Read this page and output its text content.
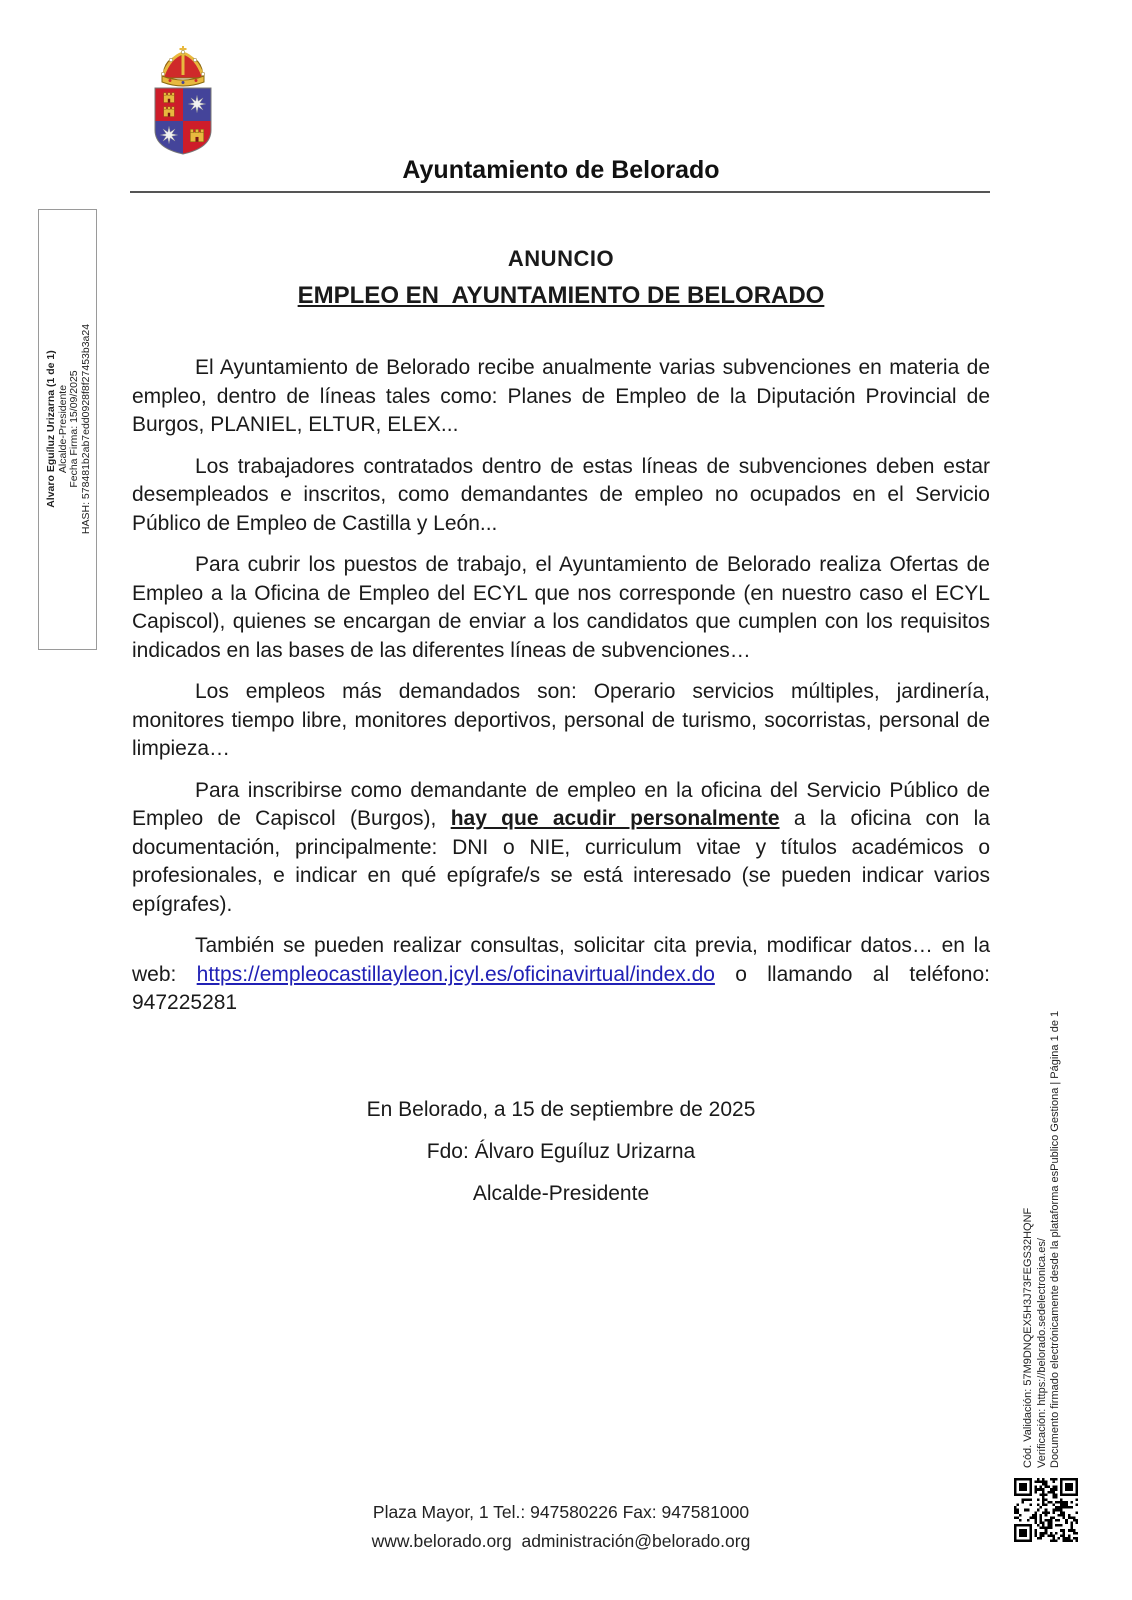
Ayuntamiento de Belorado
ANUNCIO
EMPLEO EN  AYUNTAMIENTO DE BELORADO

El Ayuntamiento de Belorado recibe anualmente varias subvenciones en materia de empleo, dentro de líneas tales como: Planes de Empleo de la Diputación Provincial de Burgos, PLANIEL, ELTUR, ELEX...

Los trabajadores contratados dentro de estas líneas de subvenciones deben estar desempleados e inscritos, como demandantes de empleo no ocupados en el Servicio Público de Empleo de Castilla y León...

Para cubrir los puestos de trabajo, el Ayuntamiento de Belorado realiza Ofertas de Empleo a la Oficina de Empleo del ECYL que nos corresponde (en nuestro caso el ECYL Capiscol), quienes se encargan de enviar a los candidatos que cumplen con los requisitos indicados en las bases de las diferentes líneas de subvenciones…

Los empleos más demandados son: Operario servicios múltiples, jardinería, monitores tiempo libre, monitores deportivos, personal de turismo, socorristas, personal de limpieza…

Para inscribirse como demandante de empleo en la oficina del Servicio Público de Empleo de Capiscol (Burgos), hay que acudir personalmente a la oficina con la documentación, principalmente: DNI o NIE, curriculum vitae y títulos académicos o profesionales, e indicar en qué epígrafe/s se está interesado (se pueden indicar varios epígrafes).

También se pueden realizar consultas, solicitar cita previa, modificar datos… en la web: https://empleocastillayleon.jcyl.es/oficinavirtual/index.do o llamando al teléfono: 947225281

En Belorado, a 15 de septiembre de 2025
Fdo: Álvaro Eguíluz Urizarna
Alcalde-Presidente
Alvaro Eguíluz Urizarna (1 de 1) Alcalde-Presidente Fecha Firma: 15/09/2025 HASH: 578481b2ab7edd0928f8f27453b3a24
Cód. Validación: 57M9DNQEX5H3J73FEGS32HQNF Verificación: https://belorado.sedelectronica.es/ Documento firmado electrónicamente desde la plataforma esPublico Gestiona | Página 1 de 1
Plaza Mayor, 1 Tel.: 947580226 Fax: 947581000
www.belorado.org  administración@belorado.org
